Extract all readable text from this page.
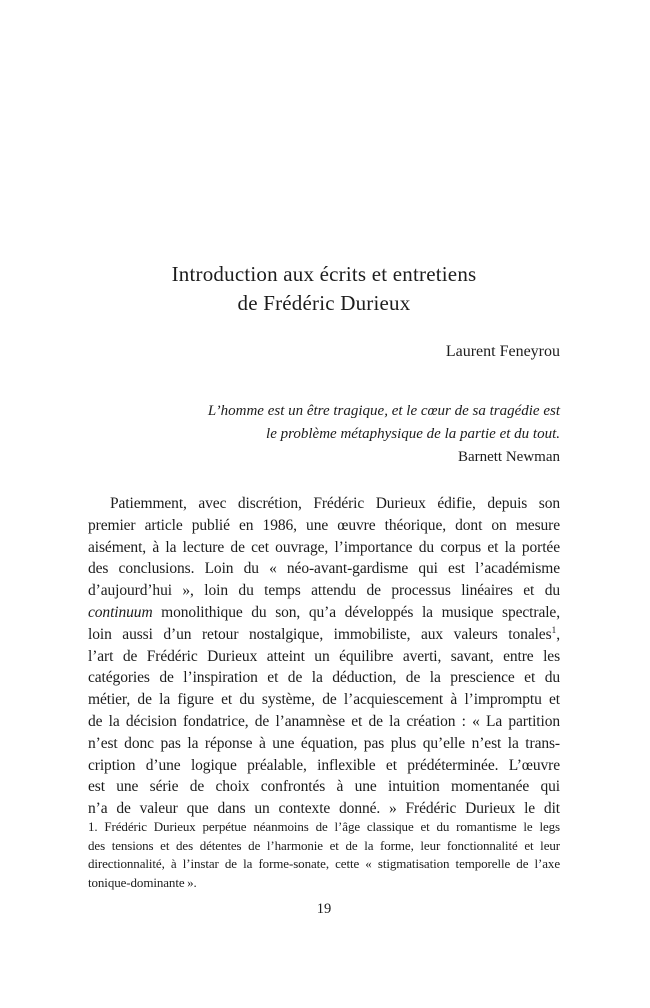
Introduction aux écrits et entretiens
de Frédéric Durieux
Laurent Feneyrou
L’homme est un être tragique, et le cœur de sa tragédie est
le problème métaphysique de la partie et du tout.
Barnett Newman
Patiemment, avec discrétion, Frédéric Durieux édifie, depuis son
premier article publié en 1986, une œuvre théorique, dont on mesure
aisément, à la lecture de cet ouvrage, l’importance du corpus et la portée
des conclusions. Loin du « néo-avant-gardisme qui est l’académisme
d’aujourd’hui », loin du temps attendu de processus linéaires et du
continuum monolithique du son, qu’a développés la musique spectrale,
loin aussi d’un retour nostalgique, immobiliste, aux valeurs tonales$^1$,
l’art de Frédéric Durieux atteint un équilibre averti, savant, entre les
catégories de l’inspiration et de la déduction, de la prescience et du
métier, de la figure et du système, de l’acquiescement à l’impromptu et
de la décision fondatrice, de l’anamnèse et de la création : « La partition
n’est donc pas la réponse à une équation, pas plus qu’elle n’est la trans-
cription d’une logique préalable, inflexible et prédéterminée. L’œuvre
est une série de choix confrontés à une intuition momentanée qui
n’a de valeur que dans un contexte donné. » Frédéric Durieux le dit
1. Frédéric Durieux perpétue néanmoins de l’âge classique et du romantisme le legs
des tensions et des détentes de l’harmonie et de la forme, leur fonctionnalité et leur
directionnalité, à l’instar de la forme-sonate, cette « stigmatisation temporelle de l’axe
tonique-dominante ».
19
